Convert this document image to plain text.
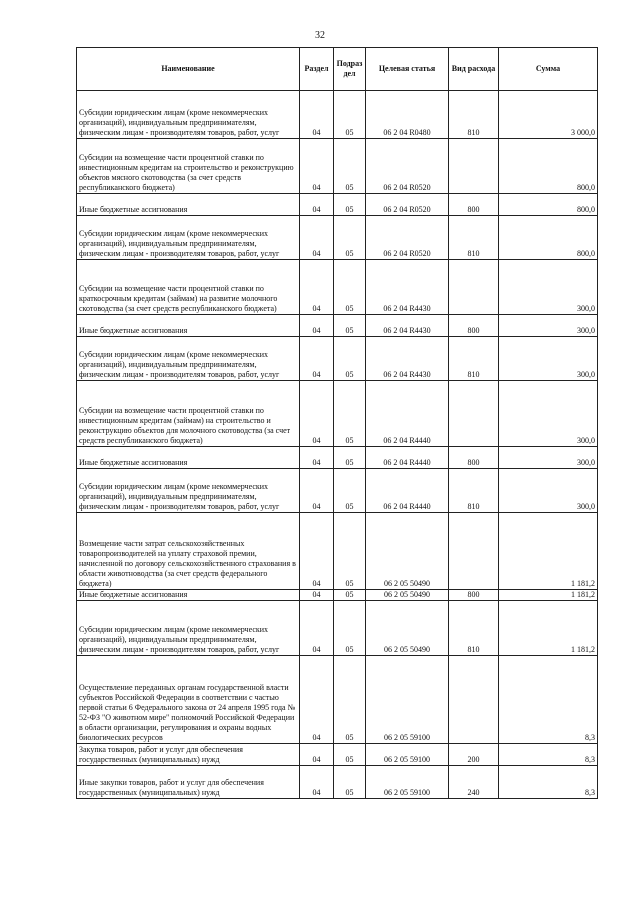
32
Наименование	Раздел	Подраз дел	Целевая статья	Вид расхода	Сумма
Субсидии юридическим лицам (кроме некоммерческих организаций), индивидуальным предпринимателям, физическим лицам - производителям товаров, работ, услуг	04	05	06 2 04 R0480	810	3 000,0
Субсидии на возмещение части процентной ставки по инвестиционным кредитам на строительство и реконструкцию объектов мясного скотоводства (за счет средств республиканского бюджета)	04	05	06 2 04 R0520		800,0
Иные бюджетные ассигнования	04	05	06 2 04 R0520	800	800,0
Субсидии юридическим лицам (кроме некоммерческих организаций), индивидуальным предпринимателям, физическим лицам - производителям товаров, работ, услуг	04	05	06 2 04 R0520	810	800,0
Субсидии на возмещение части процентной ставки по краткосрочным кредитам (займам) на развитие молочного скотоводства (за счет средств республиканского бюджета)	04	05	06 2 04 R4430		300,0
Иные бюджетные ассигнования	04	05	06 2 04 R4430	800	300,0
Субсидии юридическим лицам (кроме некоммерческих организаций), индивидуальным предпринимателям, физическим лицам - производителям товаров, работ, услуг	04	05	06 2 04 R4430	810	300,0
Субсидии на возмещение части процентной ставки по инвестиционным кредитам (займам) на строительство и реконструкцию объектов для молочного скотоводства (за счет средств республиканского бюджета)	04	05	06 2 04 R4440		300,0
Иные бюджетные ассигнования	04	05	06 2 04 R4440	800	300,0
Субсидии юридическим лицам (кроме некоммерческих организаций), индивидуальным предпринимателям, физическим лицам - производителям товаров, работ, услуг	04	05	06 2 04 R4440	810	300,0
Возмещение части затрат сельскохозяйственных товаропроизводителей на уплату страховой премии, начисленной по договору сельскохозяйственного страхования в области животноводства (за счет средств федерального бюджета)	04	05	06 2 05 50490		1 181,2
Иные бюджетные ассигнования	04	05	06 2 05 50490	800	1 181,2
Субсидии юридическим лицам (кроме некоммерческих организаций), индивидуальным предпринимателям, физическим лицам - производителям товаров, работ, услуг	04	05	06 2 05 50490	810	1 181,2
Осуществление переданных органам государственной власти субъектов Российской Федерации в соответствии с частью первой статьи 6 Федерального закона от 24 апреля 1995 года № 52-ФЗ "О животном мире" полномочий Российской Федерации в области организации, регулирования и охраны водных биологических ресурсов	04	05	06 2 05 59100		8,3
Закупка товаров, работ и услуг для обеспечения государственных (муниципальных) нужд	04	05	06 2 05 59100	200	8,3
Иные закупки товаров, работ и услуг для обеспечения государственных (муниципальных) нужд	04	05	06 2 05 59100	240	8,3
